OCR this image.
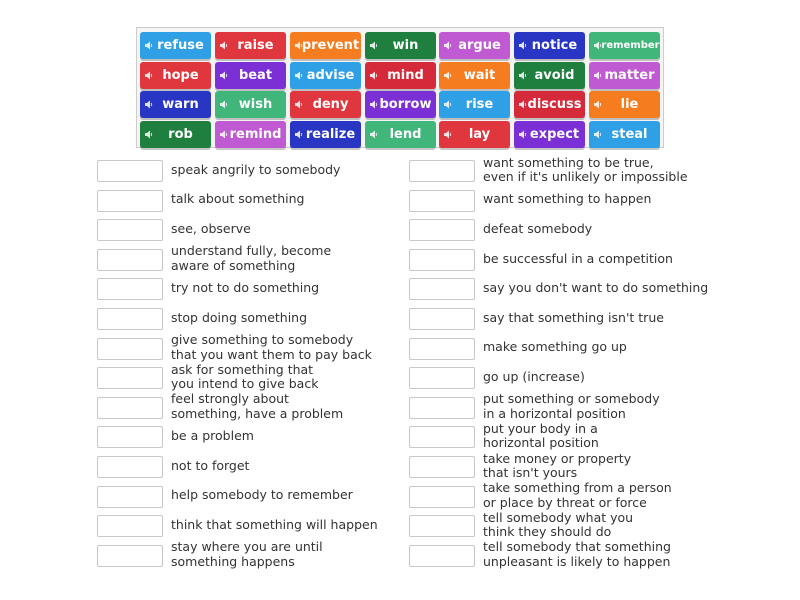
refuse	raise	prevent	win	argue	notice	remember
hope	beat	advise	mind	wait	avoid	matter
warn	wish	deny	borrow	rise	discuss	lie
rob	remind	realize	lend	lay	expect	steal
speak angrily to somebody
talk about something
see, observe
understand fully, become
aware of something
try not to do something
stop doing something
give something to somebody
that you want them to pay back
ask for something that
you intend to give back
feel strongly about
something, have a problem
be a problem
not to forget
help somebody to remember
think that something will happen
stay where you are until
something happens
want something to be true,
even if it's unlikely or impossible
want something to happen
defeat somebody
be successful in a competition
say you don't want to do something
say that something isn't true
make something go up
go up (increase)
put something or somebody
in a horizontal position
put your body in a
horizontal position
take money or property
that isn't yours
take something from a person
or place by threat or force
tell somebody what you
think they should do
tell somebody that something
unpleasant is likely to happen
